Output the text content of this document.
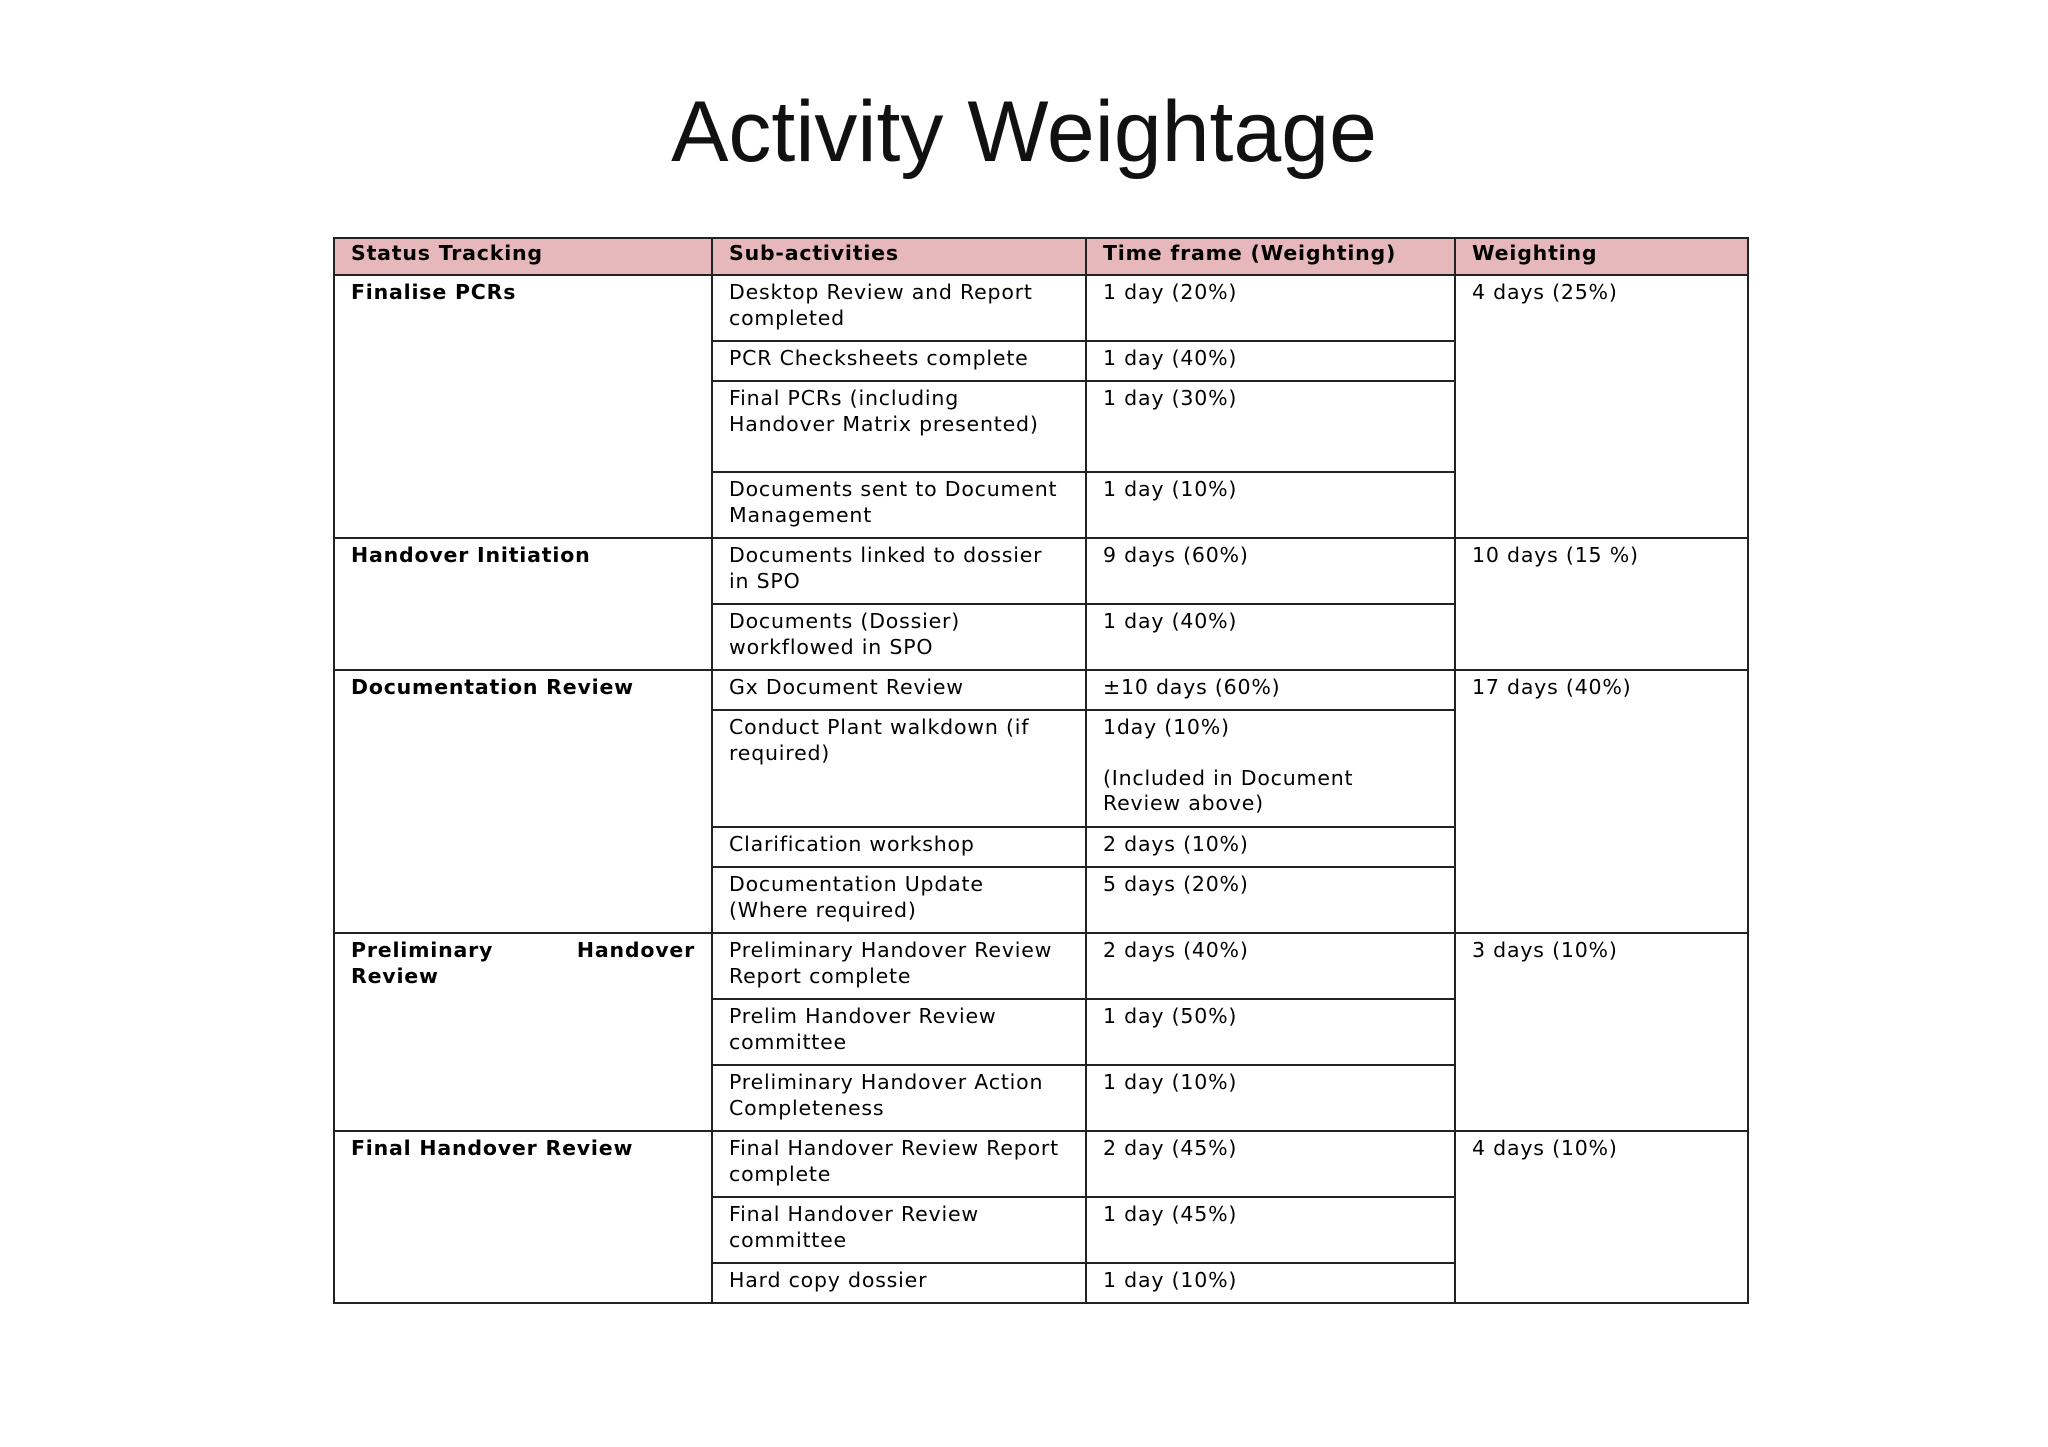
Activity Weightage
Status Tracking	Sub-activities	Time frame (Weighting)	Weighting
Finalise PCRs	Desktop Review and Report completed	1 day (20%)	4 days (25%)
	PCR Checksheets complete	1 day (40%)	
	Final PCRs (including Handover Matrix presented)	1 day (30%)	
	Documents sent to Document Management	1 day (10%)	
Handover Initiation	Documents linked to dossier in SPO	9 days (60%)	10 days (15 %)
	Documents (Dossier) workflowed in SPO	1 day (40%)	
Documentation Review	Gx Document Review	±10 days (60%)	17 days (40%)
	Conduct Plant walkdown (if required)	1day (10%)
(Included in Document Review above)	

	Clarification workshop	2 days (10%)	
	Documentation Update (Where required)	5 days (20%)	
Preliminary Handover Review	Preliminary Handover Review Report complete	2 days (40%)	3 days (10%)
	Prelim Handover Review committee	1 day (50%)	
	Preliminary Handover Action Completeness	1 day (10%)	
Final Handover Review	Final Handover Review Report complete	2 day (45%)	4 days (10%)
	Final Handover Review committee	1 day (45%)	
	Hard copy dossier	1 day (10%)	
